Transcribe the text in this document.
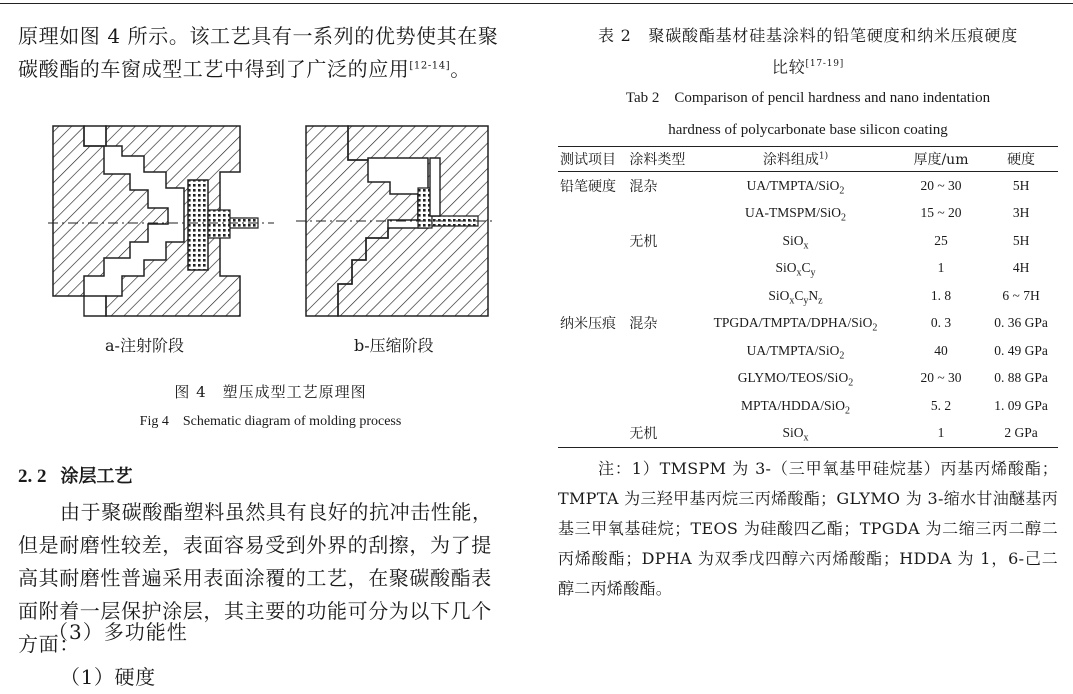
原理如图 4 所示。该工艺具有一系列的优势使其在聚

碳酸酯的车窗成型工艺中得到了广泛的应用[12-14]。

a-注射阶段	b-压缩阶段
图 4　塑压成型工艺原理图
Fig 4　Schematic diagram of molding process
2. 2 涂层工艺

由于聚碳酸酯塑料虽然具有良好的抗冲击性能，

但是耐磨性较差，表面容易受到外界的刮擦，为了提

高其耐磨性普遍采用表面涂覆的工艺，在聚碳酸酯表

面附着一层保护涂层，其主要的功能可分为以下几个

方面：

（1）硬度

表 2　聚碳酸酯基材硅基涂料的铅笔硬度和纳米压痕硬度
比较[17-19]
Tab 2　Comparison of pencil hardness and nano indentation
hardness of polycarbonate base silicon coating
测试项目	涂料类型	涂料组成$^{1)}$	厚度/um	硬度
铅笔硬度	混杂	UA/TMPTA/SiO$_2$	20 ~ 30	5H
		UA-TMSPM/SiO$_2$	15 ~ 20	3H
	无机	SiO$_x$	25	5H
		$SiO_xC_y$	1	4H
		$SiO_xC_yN_z$	1. 8	6 ~ 7H
纳米压痕	混杂	TPGDA/TMPTA/DPHA/SiO$_2$	0. 3	0. 36 GPa
		UA/TMPTA/SiO$_2$	40	0. 49 GPa
		GLYMO/TEOS/SiO$_2$	20 ~ 30	0. 88 GPa
		MPTA/HDDA/SiO$_2$	5. 2	1. 09 GPa
	无机	SiO$_x$	1	2 GPa
注：1）TMSPM 为 3-（三甲氧基甲硅烷基）丙基丙烯酸酯；TMPTA 为三羟甲基丙烷三丙烯酸酯；GLYMO 为 3-缩水甘油醚基丙基三甲氧基硅烷；TEOS 为硅酸四乙酯；TPGDA 为二缩三丙二醇二丙烯酸酯；DPHA 为双季戊四醇六丙烯酸酯；HDDA 为 1，6-己二醇二丙烯酸酯。
（3）多功能性
